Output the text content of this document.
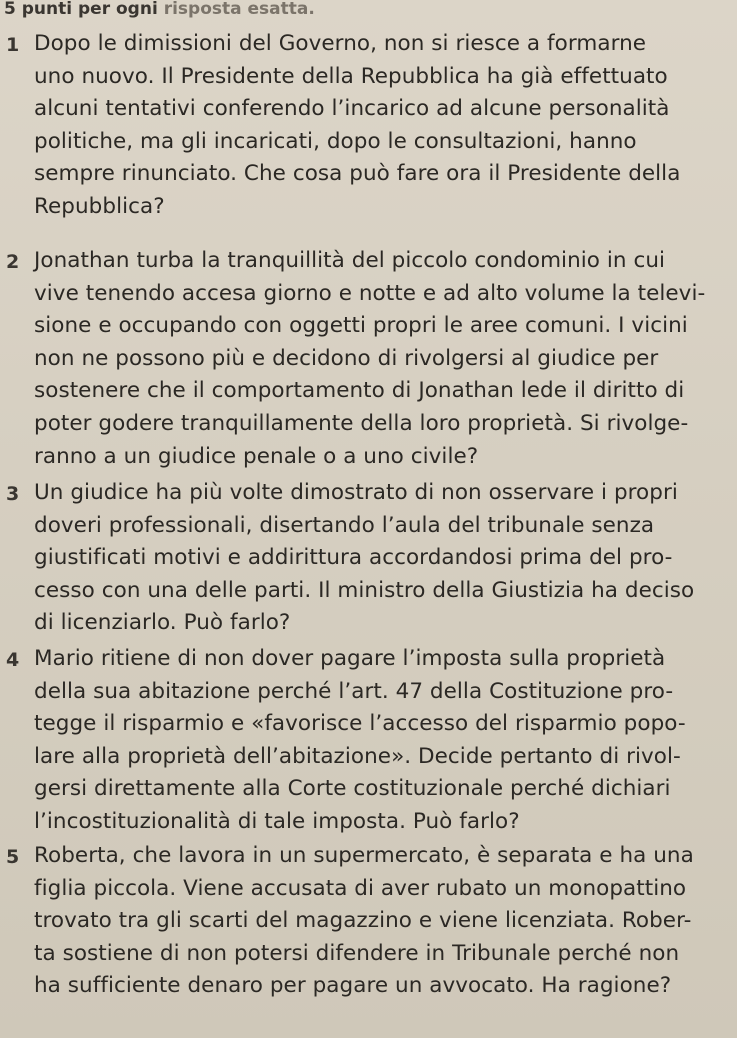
5 punti per ogni risposta esatta.
1 Dopo le dimissioni del Governo, non si riesce a formarne
uno nuovo. Il Presidente della Repubblica ha già effettuato
alcuni tentativi conferendo l’incarico ad alcune personalità
politiche, ma gli incaricati, dopo le consultazioni, hanno
sempre rinunciato. Che cosa può fare ora il Presidente della
Repubblica?
2 Jonathan turba la tranquillità del piccolo condominio in cui
vive tenendo accesa giorno e notte e ad alto volume la televi-
sione e occupando con oggetti propri le aree comuni. I vicini
non ne possono più e decidono di rivolgersi al giudice per
sostenere che il comportamento di Jonathan lede il diritto di
poter godere tranquillamente della loro proprietà. Si rivolge-
ranno a un giudice penale o a uno civile?
3 Un giudice ha più volte dimostrato di non osservare i propri
doveri professionali, disertando l’aula del tribunale senza
giustificati motivi e addirittura accordandosi prima del pro-
cesso con una delle parti. Il ministro della Giustizia ha deciso
di licenziarlo. Può farlo?
4 Mario ritiene di non dover pagare l’imposta sulla proprietà
della sua abitazione perché l’art. 47 della Costituzione pro-
tegge il risparmio e «favorisce l’accesso del risparmio popo-
lare alla proprietà dell’abitazione». Decide pertanto di rivol-
gersi direttamente alla Corte costituzionale perché dichiari
l’incostituzionalità di tale imposta. Può farlo?
5 Roberta, che lavora in un supermercato, è separata e ha una
figlia piccola. Viene accusata di aver rubato un monopattino
trovato tra gli scarti del magazzino e viene licenziata. Rober-
ta sostiene di non potersi difendere in Tribunale perché non
ha sufficiente denaro per pagare un avvocato. Ha ragione?
